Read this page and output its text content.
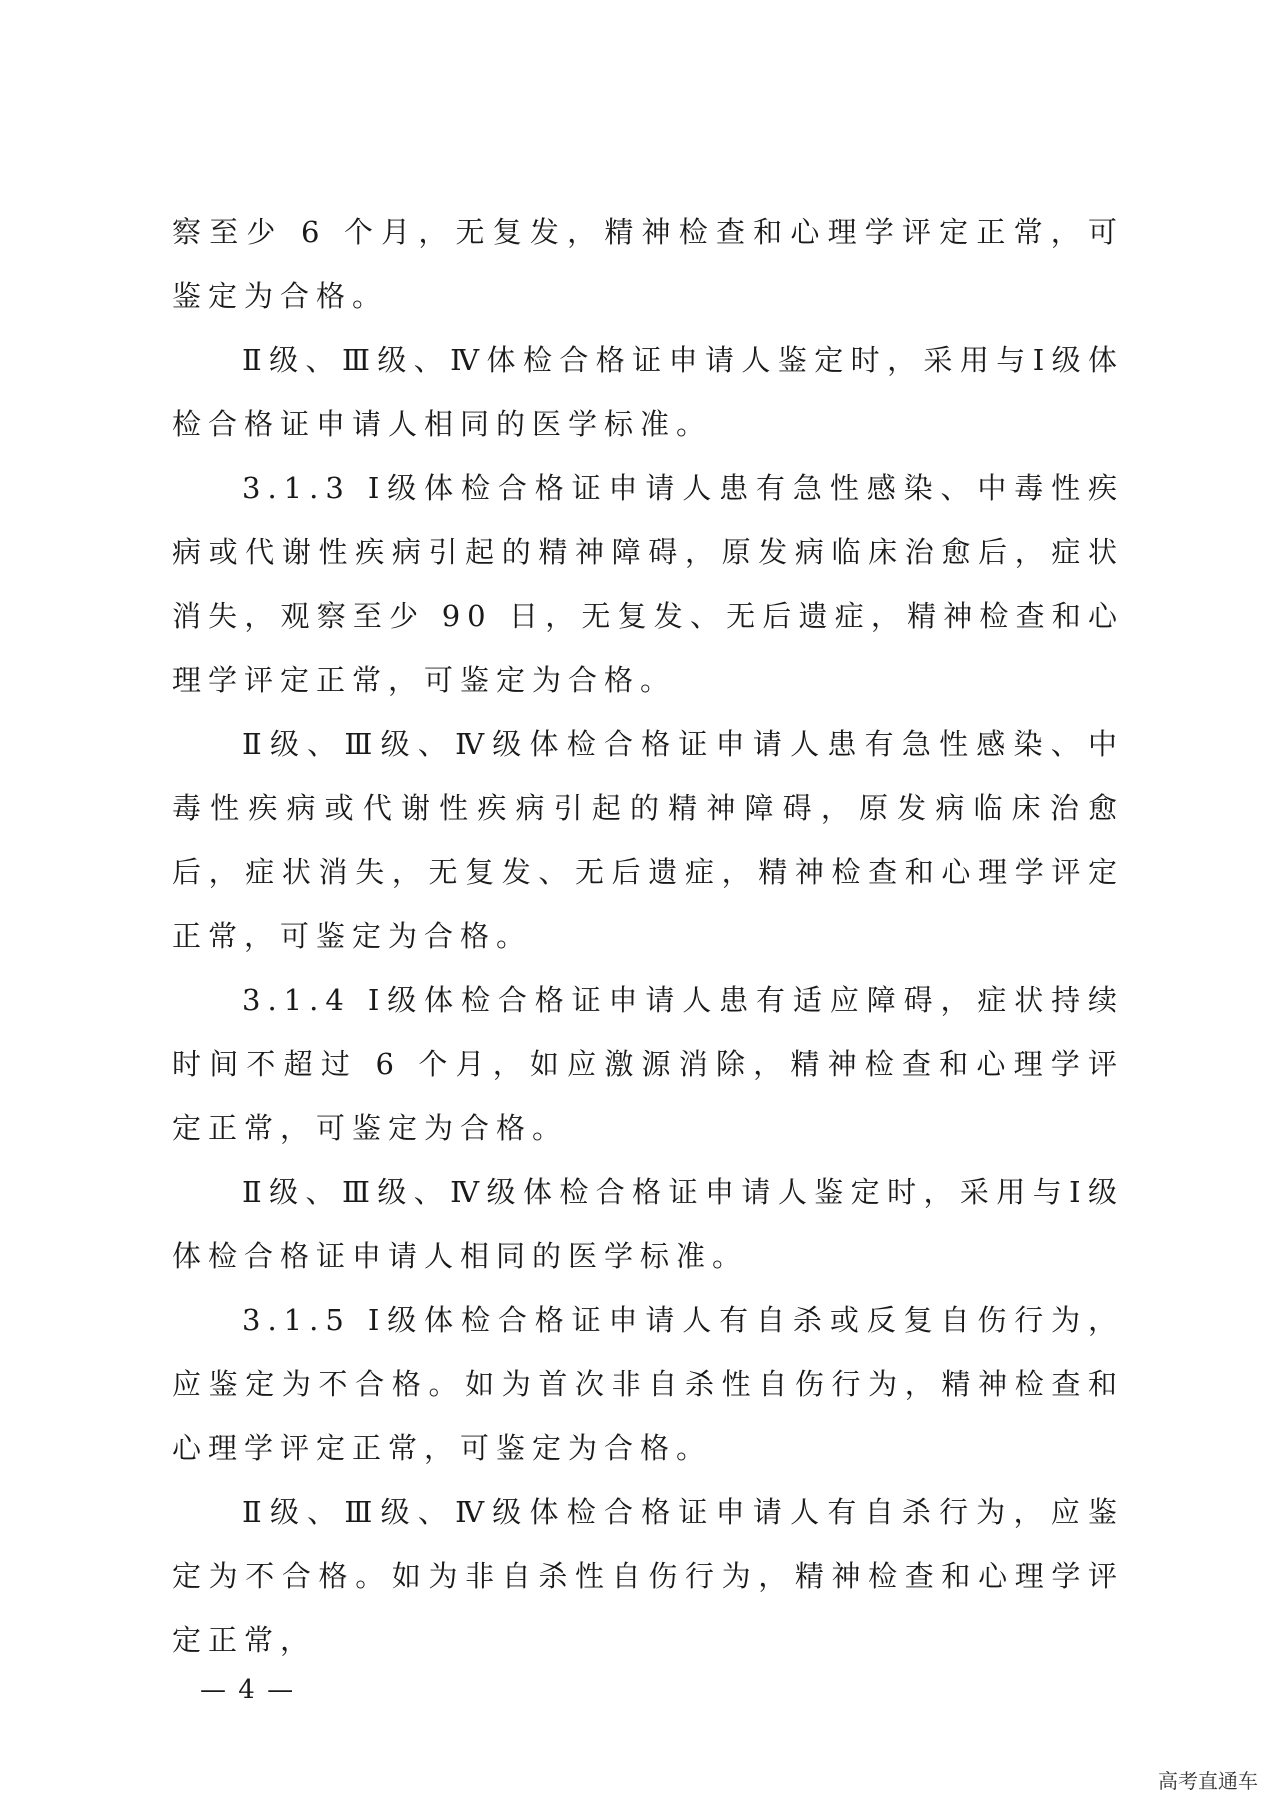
察至少 6 个月，无复发，精神检查和心理学评定正常，可鉴定为合格。

Ⅱ级、Ⅲ级、Ⅳ体检合格证申请人鉴定时，采用与Ⅰ级体检合格证申请人相同的医学标准。

3.1.3 Ⅰ级体检合格证申请人患有急性感染、中毒性疾病或代谢性疾病引起的精神障碍，原发病临床治愈后，症状消失，观察至少 90 日，无复发、无后遗症，精神检查和心理学评定正常，可鉴定为合格。

Ⅱ级、Ⅲ级、Ⅳ级体检合格证申请人患有急性感染、中毒性疾病或代谢性疾病引起的精神障碍，原发病临床治愈后，症状消失，无复发、无后遗症，精神检查和心理学评定正常，可鉴定为合格。

3.1.4 Ⅰ级体检合格证申请人患有适应障碍，症状持续时间不超过 6 个月，如应激源消除，精神检查和心理学评定正常，可鉴定为合格。

Ⅱ级、Ⅲ级、Ⅳ级体检合格证申请人鉴定时，采用与Ⅰ级体检合格证申请人相同的医学标准。

3.1.5 Ⅰ级体检合格证申请人有自杀或反复自伤行为，应鉴定为不合格。如为首次非自杀性自伤行为，精神检查和心理学评定正常，可鉴定为合格。

Ⅱ级、Ⅲ级、Ⅳ级体检合格证申请人有自杀行为，应鉴定为不合格。如为非自杀性自伤行为，精神检查和心理学评定正常，

— 4 —
高考直通车
